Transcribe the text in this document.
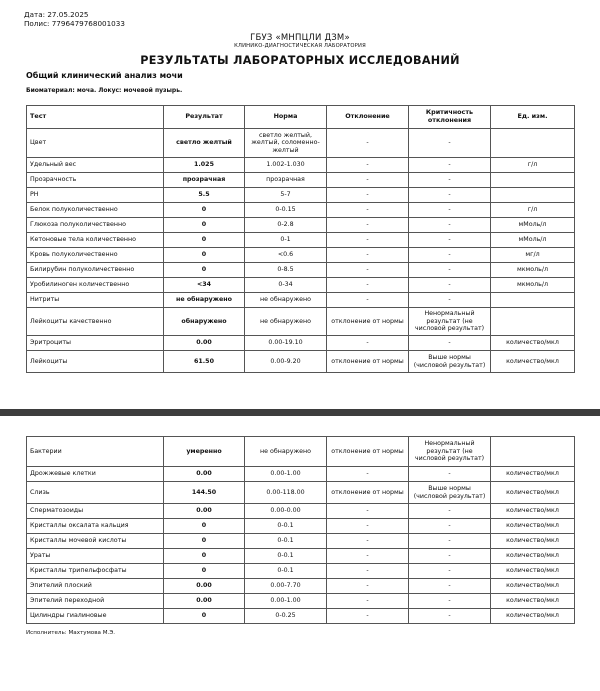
Дата: 27.05.2025
Полис: 7796479768001033
ГБУЗ «МНПЦЛИ ДЗМ»
КЛИНИКО-ДИАГНОСТИЧЕСКАЯ ЛАБОРАТОРИЯ
РЕЗУЛЬТАТЫ ЛАБОРАТОРНЫХ ИССЛЕДОВАНИЙ
Общий клинический анализ мочи
Биоматериал: моча. Локус: мочевой пузырь.
Тест	Результат	Норма	Отклонение	Критичность отклонения	Ед. изм.
Цвет	светло желтый	светло желтый, желтый, соломенно-желтый	-	-	
Удельный вес	1.025	1.002-1.030	-	-	г/л
Прозрачность	прозрачная	прозрачная	-	-	
PH	5.5	5-7	-	-	
Белок полуколичественно	0	0-0.15	-	-	г/л
Глюкоза полуколичественно	0	0-2.8	-	-	мМоль/л
Кетоновые тела количественно	0	0-1	-	-	мМоль/л
Кровь полуколичественно	0	<0.6	-	-	мг/л
Билирубин полуколичественно	0	0-8.5	-	-	мкмоль/л
Уробилиноген количественно	<34	0-34	-	-	мкмоль/л
Нитриты	не обнаружено	не обнаружено	-	-	
Лейкоциты качественно	обнаружено	не обнаружено	отклонение от нормы	Ненормальный результат (не числовой результат)	
Эритроциты	0.00	0.00-19.10	-	-	количество/мкл
Лейкоциты	61.50	0.00-9.20	отклонение от нормы	Выше нормы (числовой результат)	количество/мкл
Бактерии	умеренно	не обнаружено	отклонение от нормы	Ненормальный результат (не числовой результат)	
Дрожжевые клетки	0.00	0.00-1.00	-	-	количество/мкл
Слизь	144.50	0.00-118.00	отклонение от нормы	Выше нормы (числовой результат)	количество/мкл
Сперматозоиды	0.00	0.00-0.00	-	-	количество/мкл
Кристаллы оксалата кальция	0	0-0.1	-	-	количество/мкл
Кристаллы мочевой кислоты	0	0-0.1	-	-	количество/мкл
Ураты	0	0-0.1	-	-	количество/мкл
Кристаллы трипельфосфаты	0	0-0.1	-	-	количество/мкл
Эпителий плоский	0.00	0.00-7.70	-	-	количество/мкл
Эпителий переходной	0.00	0.00-1.00	-	-	количество/мкл
Цилиндры гиалиновые	0	0-0.25	-	-	количество/мкл
Исполнитель: Махтумова М.Э.
